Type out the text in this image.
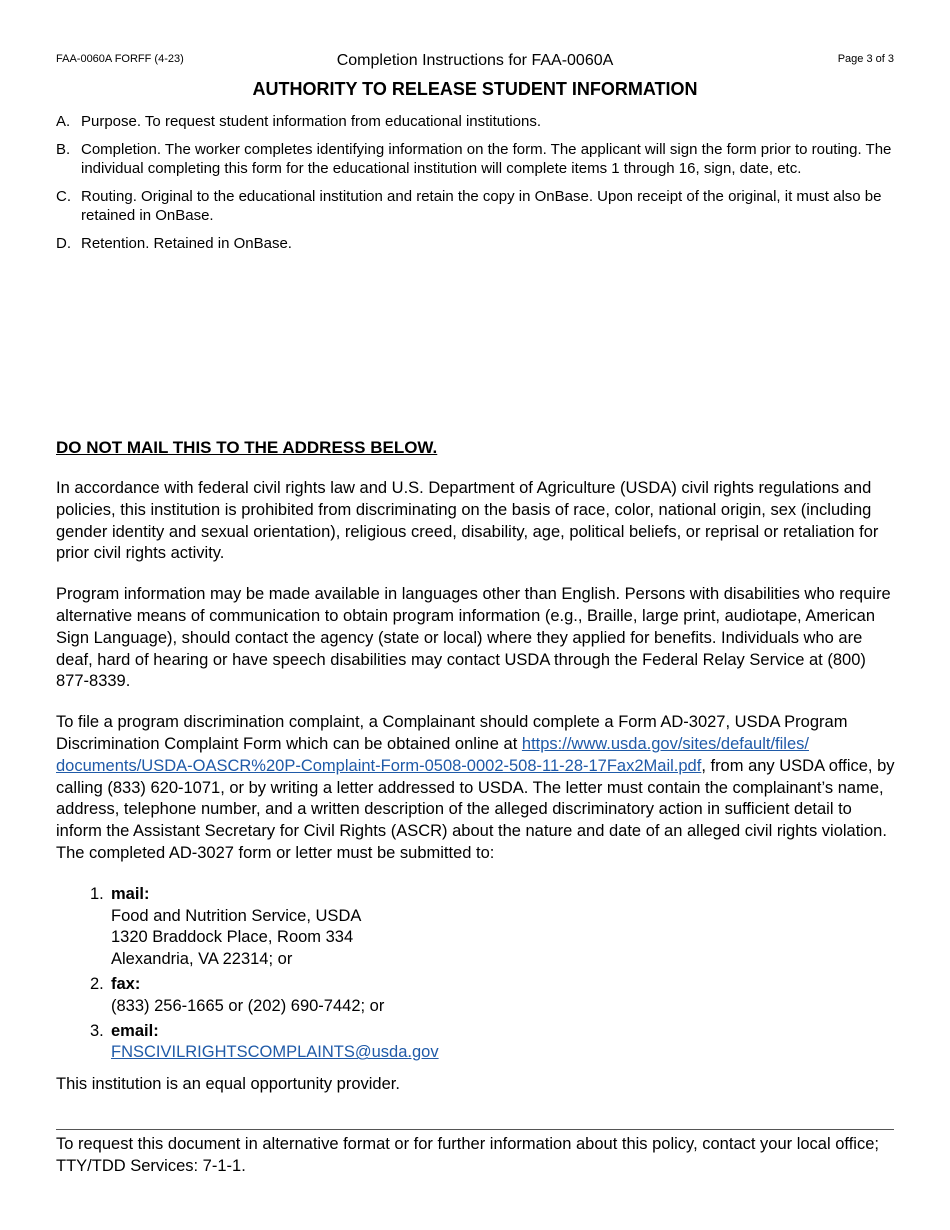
FAA-0060A FORFF (4-23)	Completion Instructions for FAA-0060A	Page 3 of 3
AUTHORITY TO RELEASE STUDENT INFORMATION
A. Purpose. To request student information from educational institutions.
B. Completion. The worker completes identifying information on the form. The applicant will sign the form prior to routing. The individual completing this form for the educational institution will complete items 1 through 16, sign, date, etc.
C. Routing. Original to the educational institution and retain the copy in OnBase. Upon receipt of the original, it must also be retained in OnBase.
D. Retention. Retained in OnBase.
DO NOT MAIL THIS TO THE ADDRESS BELOW.

In accordance with federal civil rights law and U.S. Department of Agriculture (USDA) civil rights regulations and policies, this institution is prohibited from discriminating on the basis of race, color, national origin, sex (including gender identity and sexual orientation), religious creed, disability, age, political beliefs, or reprisal or retaliation for prior civil rights activity.

Program information may be made available in languages other than English. Persons with disabilities who require alternative means of communication to obtain program information (e.g., Braille, large print, audiotape, American Sign Language), should contact the agency (state or local) where they applied for benefits. Individuals who are deaf, hard of hearing or have speech disabilities may contact USDA through the Federal Relay Service at (800) 877-8339.

To file a program discrimination complaint, a Complainant should complete a Form AD-3027, USDA Program Discrimination Complaint Form which can be obtained online at https://www.usda.gov/sites/default/files/
documents/USDA-OASCR%20P-Complaint-Form-0508-0002-508-11-28-17Fax2Mail.pdf, from any USDA office, by calling (833) 620-1071, or by writing a letter addressed to USDA. The letter must contain the complainant’s name, address, telephone number, and a written description of the alleged discriminatory action in sufficient detail to inform the Assistant Secretary for Civil Rights (ASCR) about the nature and date of an alleged civil rights violation. The completed AD-3027 form or letter must be submitted to:

1. mail:
Food and Nutrition Service, USDA
1320 Braddock Place, Room 334
Alexandria, VA 22314; or
2. fax:
(833) 256-1665 or (202) 690-7442; or
3. email:
FNSCIVILRIGHTSCOMPLAINTS@usda.gov

This institution is an equal opportunity provider.

To request this document in alternative format or for further information about this policy, contact your local office; TTY/TDD Services: 7-1-1.
